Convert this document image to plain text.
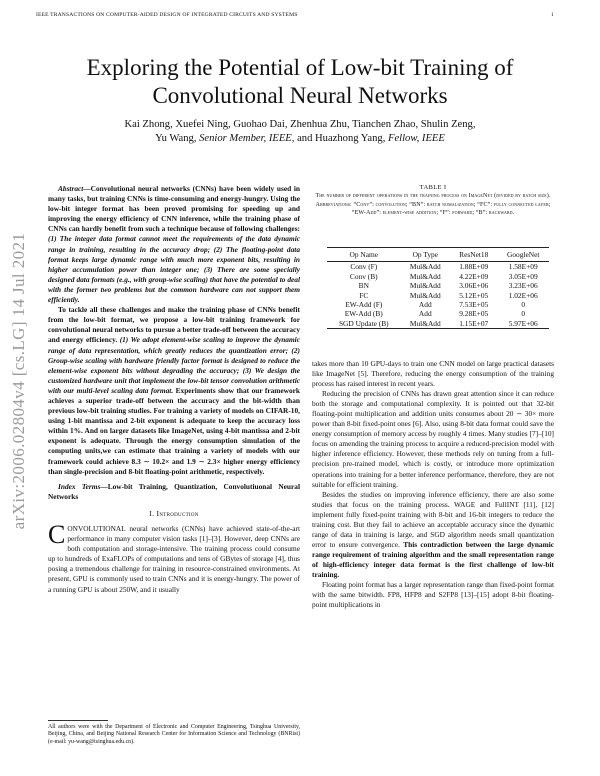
IEEE TRANSACTIONS ON COMPUTER-AIDED DESIGN OF INTEGRATED CIRCUITS AND SYSTEMS	1
arXiv:2006.02804v4 [cs.LG] 14 Jul 2021
Exploring the Potential of Low-bit Training of Convolutional Neural Networks
Kai Zhong, Xuefei Ning, Guohao Dai, Zhenhua Zhu, Tianchen Zhao, Shulin Zeng,
Yu Wang, Senior Member, IEEE, and Huazhong Yang, Fellow, IEEE

Abstract—Convolutional neural networks (CNNs) have been widely used in many tasks, but training CNNs is time-consuming and energy-hungry. Using the low-bit integer format has been proved promising for speeding up and improving the energy efficiency of CNN inference, while the training phase of CNNs can hardly benefit from such a technique because of following challenges: (1) The integer data format cannot meet the requirements of the data dynamic range in training, resulting in the accuracy drop; (2) The floating-point data format keeps large dynamic range with much more exponent bits, resulting in higher accumulation power than integer one; (3) There are some specially designed data formats (e.g., with group-wise scaling) that have the potential to deal with the former two problems but the common hardware can not support them efficiently.

To tackle all these challenges and make the training phase of CNNs benefit from the low-bit format, we propose a low-bit training framework for convolutional neural networks to pursue a better trade-off between the accuracy and energy efficiency. (1) We adopt element-wise scaling to improve the dynamic range of data representation, which greatly reduces the quantization error; (2) Group-wise scaling with hardware friendly factor format is designed to reduce the element-wise exponent bits without degrading the accuracy; (3) We design the customized hardware unit that implement the low-bit tensor convolution arithmetic with our multi-level scaling data format. Experiments show that our framework achieves a superior trade-off between the accuracy and the bit-width than previous low-bit training studies. For training a variety of models on CIFAR-10, using 1-bit mantissa and 2-bit exponent is adequate to keep the accuracy loss within 1%. And on larger datasets like ImageNet, using 4-bit mantissa and 2-bit exponent is adequate. Through the energy consumption simulation of the computing units,we can estimate that training a variety of models with our framework could achieve 8.3 ∼ 10.2× and 1.9 ∼ 2.3× higher energy efficiency than single-precision and 8-bit floating-point arithmetic, respectively.

Index Terms—Low-bit Training, Quantization, Convolutiuonal Neural Networks

I. Introduction

CONVOLUTIONAL neural networks (CNNs) have achieved state-of-the-art performance in many computer vision tasks [1]–[3]. However, deep CNNs are both computation and storage-intensive. The training process could consume up to hundreds of ExaFLOPs of computations and tens of GBytes of storage [4], thus posing a tremendous challenge for training in resource-constrained environments. At present, GPU is commonly used to train CNNs and it is energy-hungry. The power of a running GPU is about 250W, and it usually

All authors were with the Department of Electronic and Computer Engineering, Tsinghua University, Beijing, China, and Beijing National Research Center for Information Science and Technology (BNRist) (e-mail: yu-wang@tsinghua.edu.cn).
TABLE I
The number of different operations in the training process on ImageNet (divided by batch size). Abbreviations: “Conv”: convolution; “BN”: batch nomalization; “FC”: fully connected layer; “EW-Add”: element-wise addition; “F”: forward; “B”: backward.
Op Name	Op Type	ResNet18	GoogleNet
Conv (F)	Mul&Add	1.88E+09	1.58E+09
Conv (B)	Mul&Add	4.22E+09	3.05E+09
BN	Mul&Add	3.06E+06	3.23E+06
FC	Mul&Add	5.12E+05	1.02E+06
EW-Add (F)	Add	7.53E+05	0
EW-Add (B)	Add	9.28E+05	0
SGD Update (B)	Mul&Add	1.15E+07	5.97E+06

takes more than 10 GPU-days to train one CNN model on large practical datasets like ImageNet [5]. Therefore, reducing the energy consumption of the training process has raised interest in recent years.

Reducing the precision of CNNs has drawn great attention since it can reduce both the storage and computational complexity. It is pointed out that 32-bit floating-point multiplication and addition units consumes about 20 ∼ 30× more power than 8-bit fixed-point ones [6]. Also, using 8-bit data format could save the energy consumption of memory access by roughly 4 times. Many studies [7]–[10] focus on amending the training process to acquire a reduced-precision model with higher inference efficiency. However, these methods rely on tuning from a full-precision pre-trained model, which is costly, or introduce more optimization operations into training for a better inference performance, therefore, they are not suitable for efficient training.

Besides the studies on improving inference efficiency, there are also some studies that focus on the training process. WAGE and FullINT [11], [12] implement fully fixed-point training with 8-bit and 16-bit integers to reduce the training cost. But they fail to achieve an acceptable accuracy since the dynamic range of data in training is large, and SGD algorithm needs small quantization error to ensure convergence. This contradiction between the large dynamic range requirement of training algorithm and the small representation range of high-efficiency integer data format is the first challenge of low-bit training.

Floating point format has a larger representation range than fixed-point format with the same bitwidth. FP8, HFP8 and S2FP8 [13]–[15] adopt 8-bit floating-point multiplications in
